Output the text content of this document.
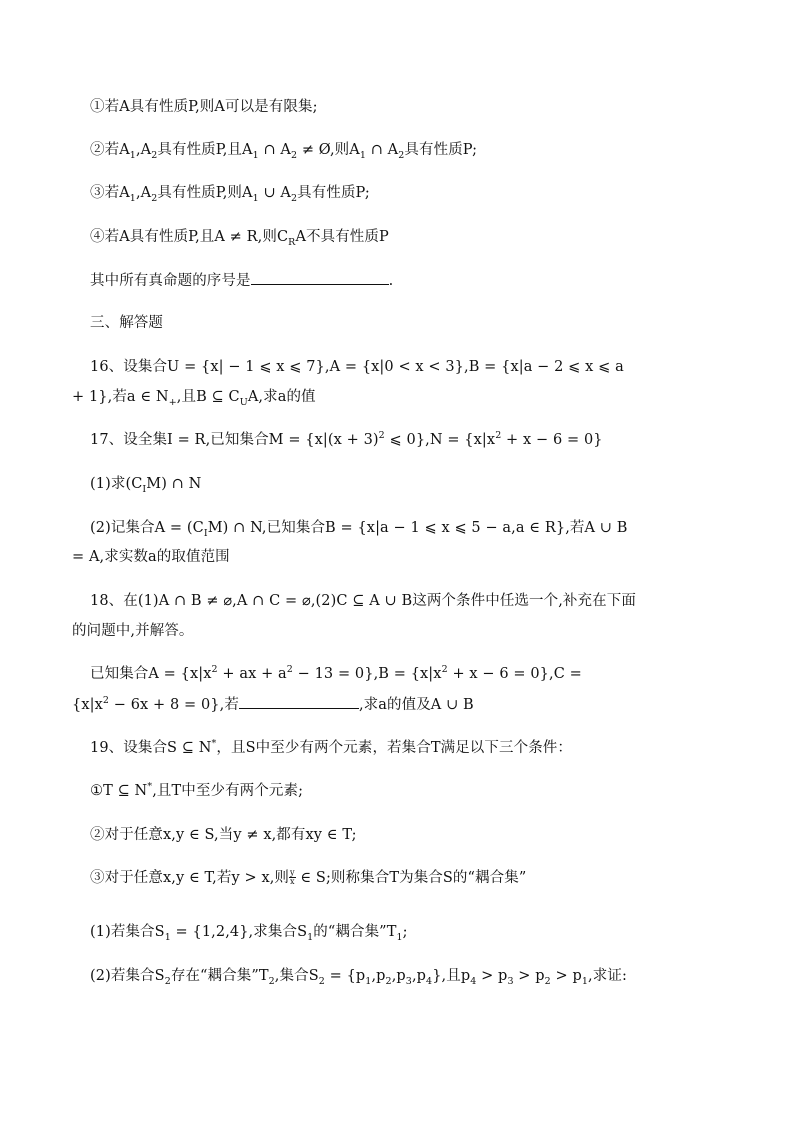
①若A具有性质P,则A可以是有限集;
②若$A_1,A_2$具有性质P,且$A_1$ ∩ $A_2$ ≠ Ø,则$A_1$ ∩ $A_2$具有性质P;
③若$A_1,A_2$具有性质P,则$A_1$ ∪ $A_2$具有性质P;
④若A具有性质P,且A ≠ R,则$C_RA$不具有性质P
其中所有真命题的序号是	.
三、解答题
16、设集合U = {x| − 1 ⩽ x ⩽ 7},A = {x|0 < x < 3},B = {x|a − 2 ⩽ x ⩽ a
+ 1},若a ∈ $N_+$,且B ⊆ $C_UA$,求a的值
17、设全集I = R,已知集合$M = \{x|(x + 3)^2$ ⩽ $0\},N = \{x|x^2 + x - 6 = 0\}$
(1)求$(C_IM)$ ∩ N
(2)记集合$A = (C_IM)$ ∩ N,已知集合B = {x|a − 1 ⩽ x ⩽ 5 − a,a ∈ R},若A ∪ B
= A,求实数a的取值范围
18、在(1)A ∩ B ≠ ⌀,A ∩ C = ⌀,(2)C ⊆ A ∪ B这两个条件中任选一个,补充在下面
的问题中,并解答。
已知集合$A = \{x|x^2$ + ax + $a^2 - 13 = 0\},B = \{x|x^2 + x - 6 = 0\},C$ =
$\{x|x^2 - 6x + 8 = 0\}$,若	,求a的值及A ∪ B
19、设集合S ⊆ N*，且S中至少有两个元素，若集合T满足以下三个条件：
①T ⊆ N*,且T中至少有两个元素;
②对于任意x,y ∈ S,当y ≠ x,都有xy ∈ T;
③对于任意x,y ∈ T,若y > x,则 $\frac{y}{x}$ ∈ S;则称集合T为集合S的“耦合集”
(1)若集合$S_1 = \{1,2,4\}$,求集合$S_1$的“耦合集$”T_1$;
(2)若集合$S_2$存在“耦合集$”T_2$,集合$S_2 = \{p_1,p_2,p_3,p_4\}$,且$p_4 > p_3 > p_2 > p_1$,求证:
